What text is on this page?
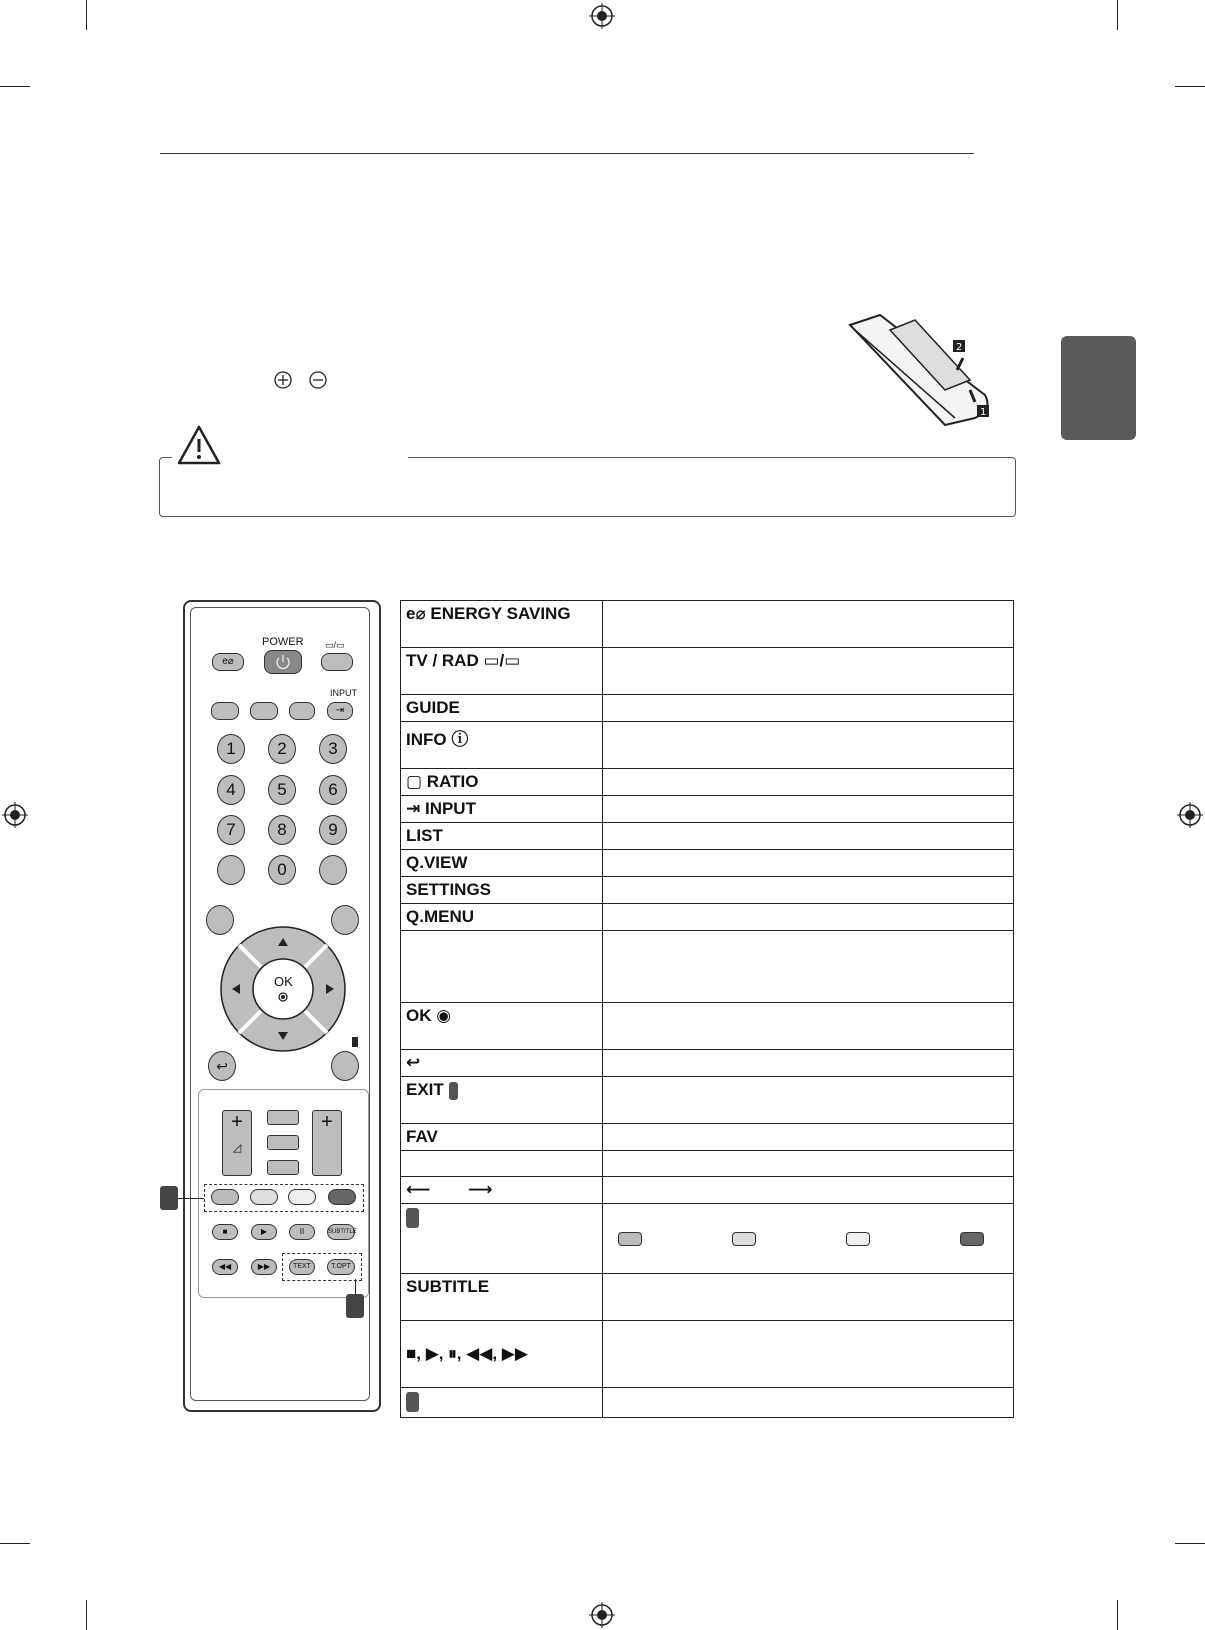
2
1
POWER
e⌀
▭/▭
INPUT
⇥
1	2	3
4	5	6
7	8	9
0
OK
↩
+
◿
+
■	▶	II	SUBTITLE
◀◀	▶▶	TEXT	T.OPT
e⌀ ENERGY SAVING	
TV / RAD ▭/▭	
GUIDE	
INFO ⓘ	
▢ RATIO	
⇥ INPUT	
LIST	
Q.VIEW	
SETTINGS	
Q.MENU	

OK ◉	
↩	
EXIT	
FAV	

⟵        ⟶	

SUBTITLE	
■, ▶, ⏸, ◀◀, ▶▶	
